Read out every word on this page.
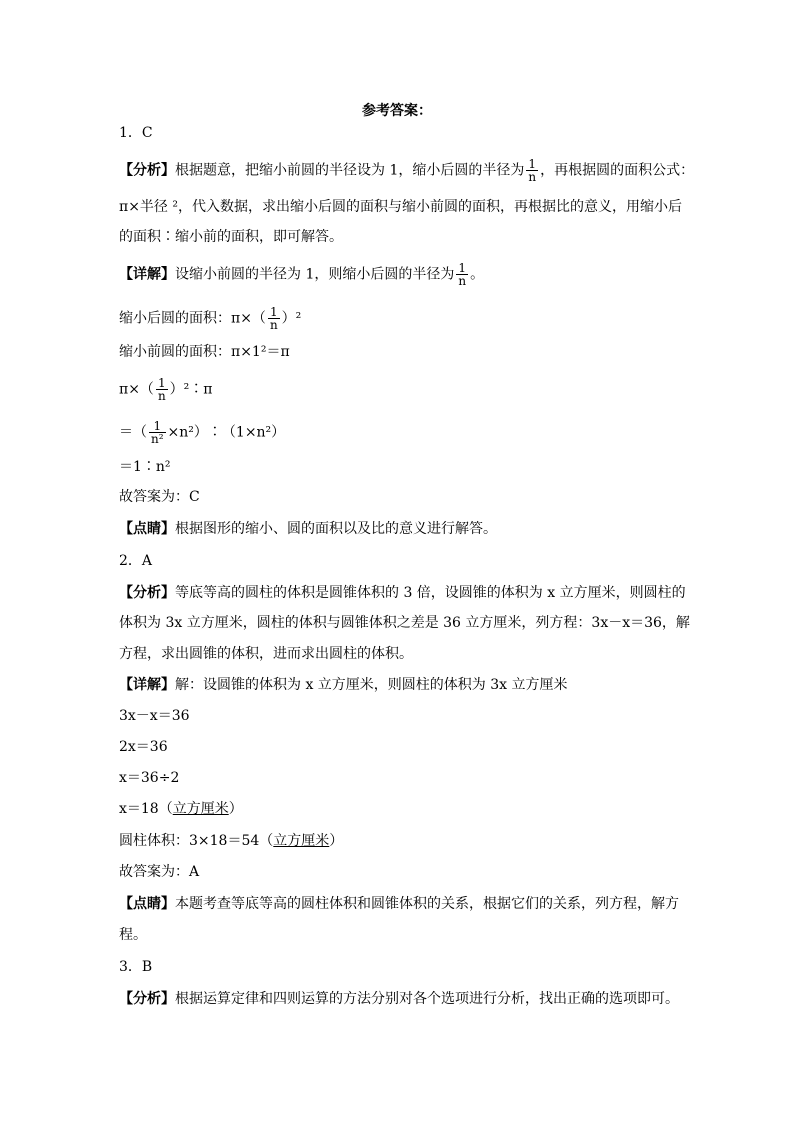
参考答案：
1．C
【分析】根据题意，把缩小前圆的半径设为 1，缩小后圆的半径为 $\frac{1}{n}$ ，再根据圆的面积公式：
π×半径 ²，代入数据，求出缩小后圆的面积与缩小前圆的面积，再根据比的意义，用缩小后
的面积∶缩小前的面积，即可解答。
【详解】设缩小前圆的半径为 1，则缩小后圆的半径为 $\frac{1}{n}$ 。
缩小后圆的面积：$\pi\times( \frac{1}{n} )^2$
缩小前圆的面积：π×1²＝π
$\pi\times( \frac{1}{n}$ ）²∶π
＝（ $\frac{1}{\text{n²}}$ ×n²）∶（1×n²）
＝1∶n²
故答案为：C
【点睛】根据图形的缩小、圆的面积以及比的意义进行解答。
2．A
【分析】等底等高的圆柱的体积是圆锥体积的 3 倍，设圆锥的体积为 x 立方厘米，则圆柱的
体积为 3x 立方厘米，圆柱的体积与圆锥体积之差是 36 立方厘米，列方程：3x－x＝36，解
方程，求出圆锥的体积，进而求出圆柱的体积。
【详解】解：设圆锥的体积为 x 立方厘米，则圆柱的体积为 3x 立方厘米
3x－x＝36
2x＝36
x＝36÷2
x＝18（立方厘米）
圆柱体积：3×18＝54（立方厘米）
故答案为：A
【点睛】本题考查等底等高的圆柱体积和圆锥体积的关系，根据它们的关系，列方程，解方
程。
3．B
【分析】根据运算定律和四则运算的方法分别对各个选项进行分析，找出正确的选项即可。
